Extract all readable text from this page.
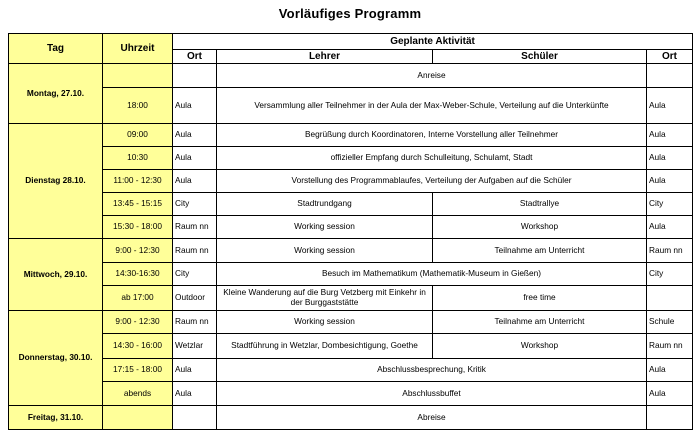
Vorläufiges Programm
Tag	Uhrzeit	Geplante Aktivität			
		Ort	Lehrer	Schüler	Ort
Montag, 27.10.			Anreise		
	18:00	Aula	Versammlung aller Teilnehmer in der Aula der Max-Weber-Schule, Verteilung auf die Unterkünfte		Aula
Dienstag 28.10.	09:00	Aula	Begrüßung durch Koordinatoren, Interne Vorstellung aller Teilnehmer		Aula
	10:30	Aula	offizieller Empfang durch Schulleitung, Schulamt, Stadt		Aula
	11:00 - 12:30	Aula	Vorstellung des Programmablaufes, Verteilung der Aufgaben auf die Schüler		Aula
	13:45 - 15:15	City	Stadtrundgang	Stadtrallye	City
	15:30 - 18:00	Raum nn	Working session	Workshop	Aula
Mittwoch, 29.10.	9:00 - 12:30	Raum nn	Working session	Teilnahme am Unterricht	Raum nn
	14:30-16:30	City	Besuch im Mathematikum (Mathematik-Museum in Gießen)		City
	ab 17:00	Outdoor	Kleine Wanderung auf die Burg Vetzberg mit Einkehr in der Burggaststätte	free time	
Donnerstag, 30.10.	9:00 - 12:30	Raum nn	Working session	Teilnahme am Unterricht	Schule
	14:30 - 16:00	Wetzlar	Stadtführung in Wetzlar, Dombesichtigung, Goethe	Workshop	Raum nn
	17:15 - 18:00	Aula	Abschlussbesprechung, Kritik		Aula
	abends	Aula	Abschlussbuffet		Aula
Freitag, 31.10.			Abreise		
